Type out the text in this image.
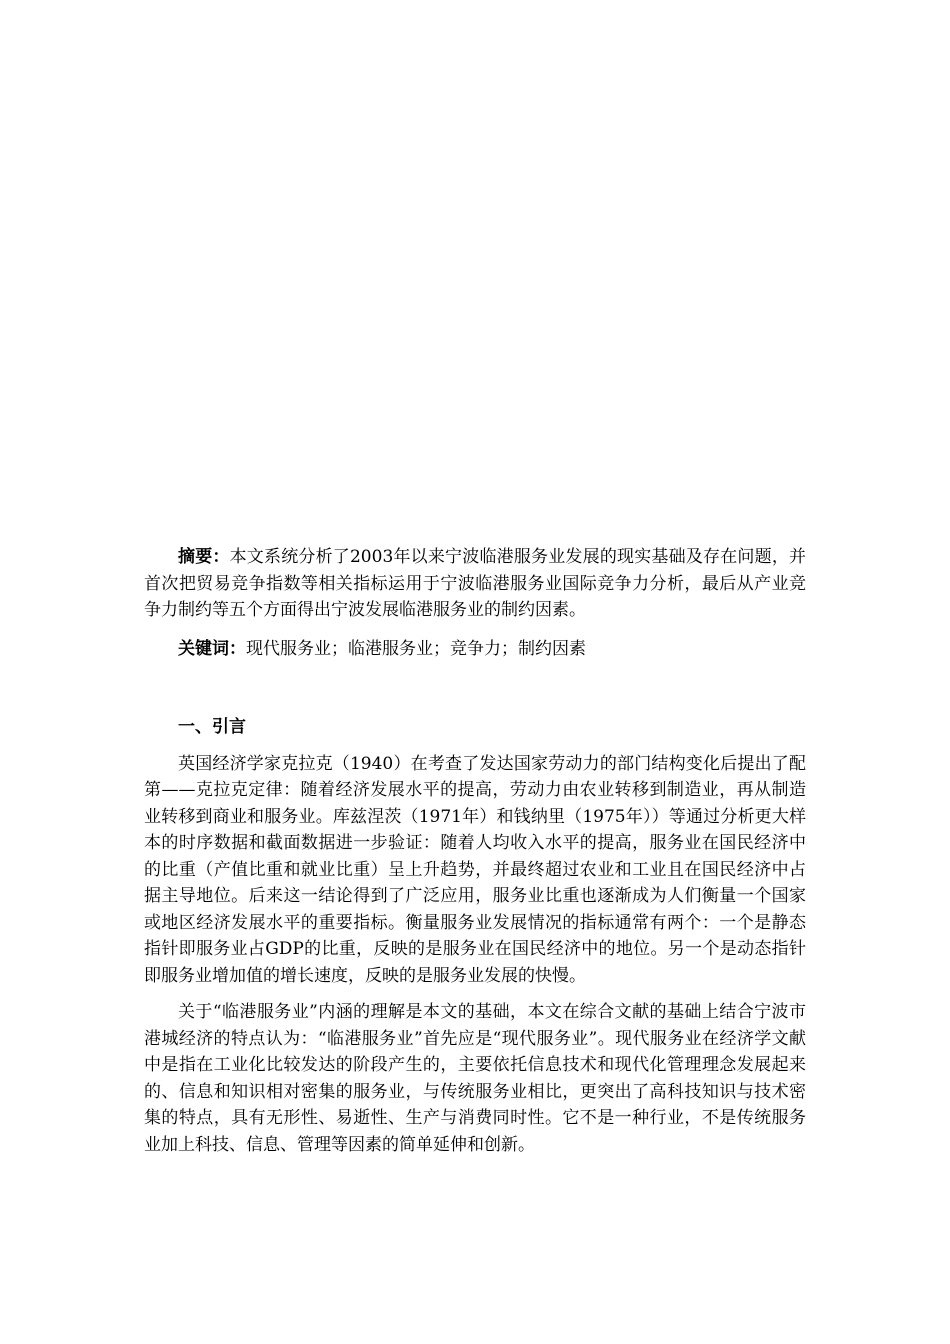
摘要：本文系统分析了2003年以来宁波临港服务业发展的现实基础及存在问题，并首次把贸易竞争指数等相关指标运用于宁波临港服务业国际竞争力分析，最后从产业竞争力制约等五个方面得出宁波发展临港服务业的制约因素。

关键词：现代服务业；临港服务业；竞争力；制约因素

一、引言

英国经济学家克拉克（1940）在考查了发达国家劳动力的部门结构变化后提出了配第——克拉克定律：随着经济发展水平的提高，劳动力由农业转移到制造业，再从制造业转移到商业和服务业。库兹涅茨（1971年）和钱纳里（1975年））等通过分析更大样本的时序数据和截面数据进一步验证：随着人均收入水平的提高，服务业在国民经济中的比重（产值比重和就业比重）呈上升趋势，并最终超过农业和工业且在国民经济中占据主导地位。后来这一结论得到了广泛应用，服务业比重也逐渐成为人们衡量一个国家或地区经济发展水平的重要指标。衡量服务业发展情况的指标通常有两个：一个是静态指针即服务业占GDP的比重，反映的是服务业在国民经济中的地位。另一个是动态指针即服务业增加值的增长速度，反映的是服务业发展的快慢。

关于“临港服务业”内涵的理解是本文的基础，本文在综合文献的基础上结合宁波市港城经济的特点认为：“临港服务业”首先应是“现代服务业”。现代服务业在经济学文献中是指在工业化比较发达的阶段产生的，主要依托信息技术和现代化管理理念发展起来的、信息和知识相对密集的服务业，与传统服务业相比，更突出了高科技知识与技术密集的特点，具有无形性、易逝性、生产与消费同时性。它不是一种行业，不是传统服务业加上科技、信息、管理等因素的简单延伸和创新。
